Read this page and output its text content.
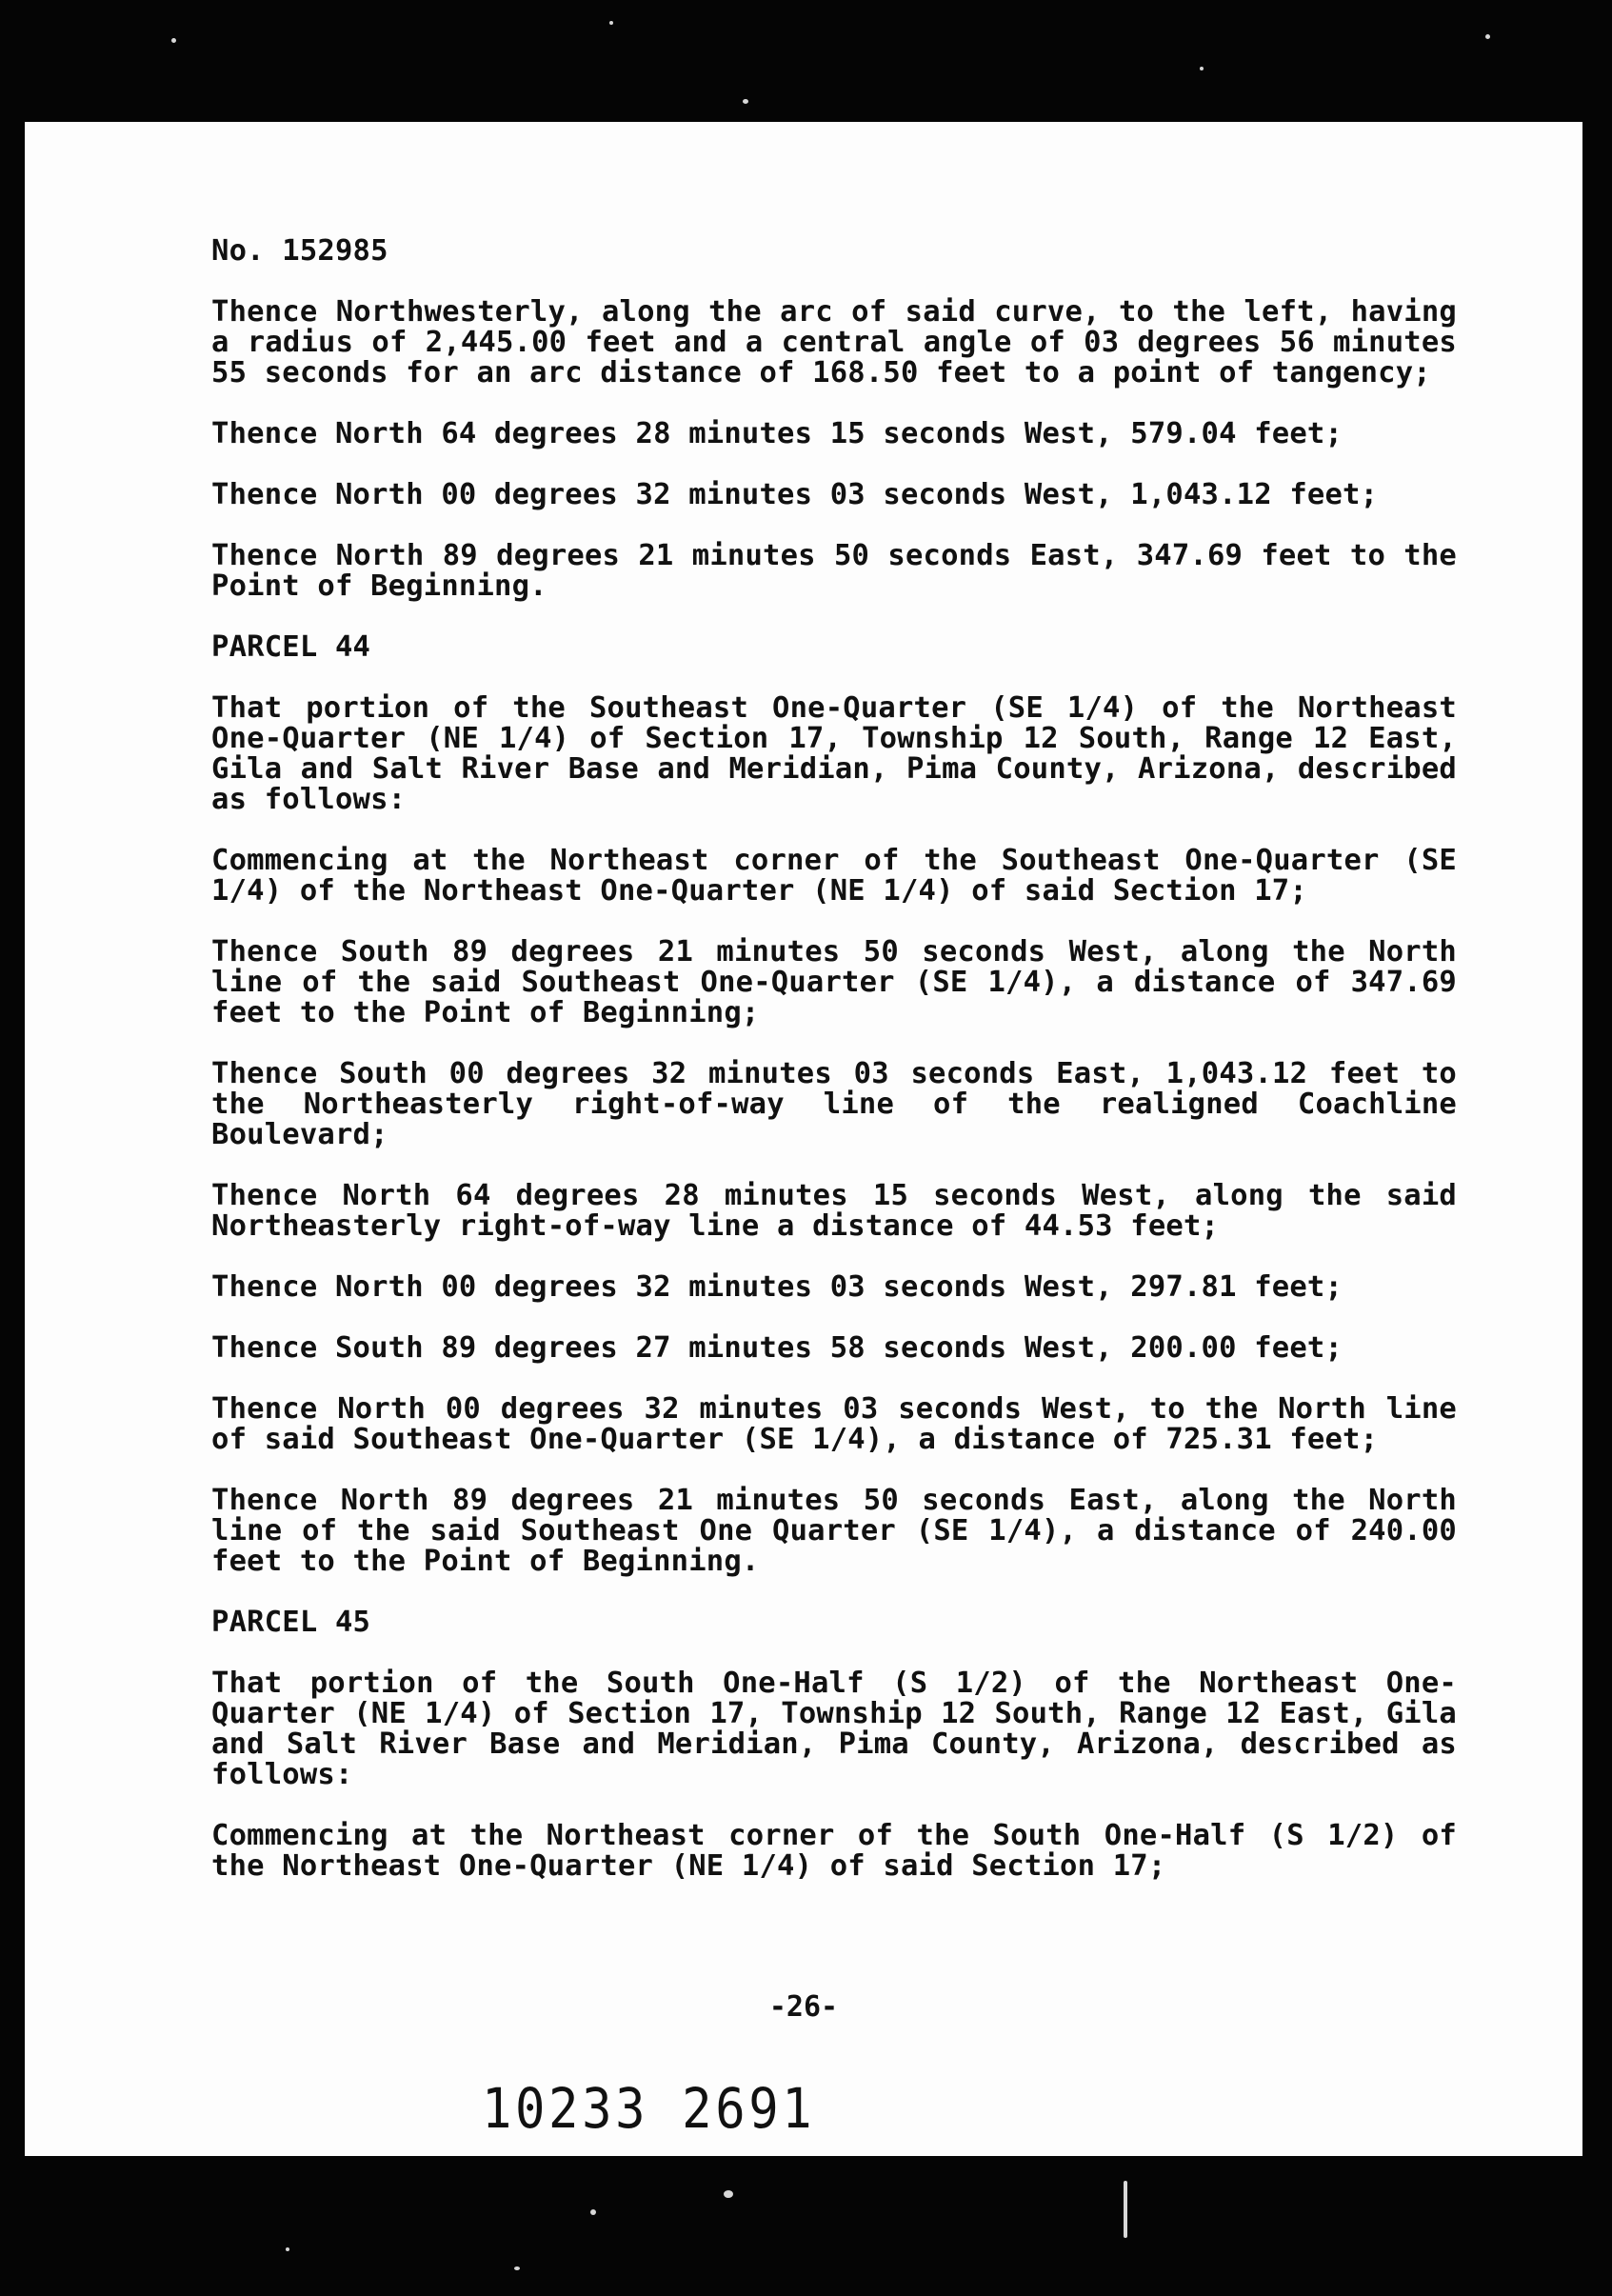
No. 152985
Thence Northwesterly, along the arc of said curve, to the left, having a radius of 2,445.00 feet and a central angle of 03 degrees 56 minutes 55 seconds for an arc distance of 168.50 feet to a point of tangency;
Thence North 64 degrees 28 minutes 15 seconds West, 579.04 feet;
Thence North 00 degrees 32 minutes 03 seconds West, 1,043.12 feet;
Thence North 89 degrees 21 minutes 50 seconds East, 347.69 feet to the Point of Beginning.
PARCEL 44
That portion of the Southeast One-Quarter (SE 1/4) of the Northeast One-Quarter (NE 1/4) of Section 17, Township 12 South, Range 12 East, Gila and Salt River Base and Meridian, Pima County, Arizona, described as follows:
Commencing at the Northeast corner of the Southeast One-Quarter (SE 1/4) of the Northeast One-Quarter (NE 1/4) of said Section 17;
Thence South 89 degrees 21 minutes 50 seconds West, along the North line of the said Southeast One-Quarter (SE 1/4), a distance of 347.69 feet to the Point of Beginning;
Thence South 00 degrees 32 minutes 03 seconds East, 1,043.12 feet to the Northeasterly right-of-way line of the realigned Coachline Boulevard;
Thence North 64 degrees 28 minutes 15 seconds West, along the said Northeasterly right-of-way line a distance of 44.53 feet;
Thence North 00 degrees 32 minutes 03 seconds West, 297.81 feet;
Thence South 89 degrees 27 minutes 58 seconds West, 200.00 feet;
Thence North 00 degrees 32 minutes 03 seconds West, to the North line of said Southeast One-Quarter (SE 1/4), a distance of 725.31 feet;
Thence North 89 degrees 21 minutes 50 seconds East, along the North line of the said Southeast One Quarter (SE 1/4), a distance of 240.00 feet to the Point of Beginning.
PARCEL 45
That portion of the South One-Half (S 1/2) of the Northeast One-Quarter (NE 1/4) of Section 17, Township 12 South, Range 12 East, Gila and Salt River Base and Meridian, Pima County, Arizona, described as follows:
Commencing at the Northeast corner of the South One-Half (S 1/2) of the Northeast One-Quarter (NE 1/4) of said Section 17;
-26-
10233 2691
